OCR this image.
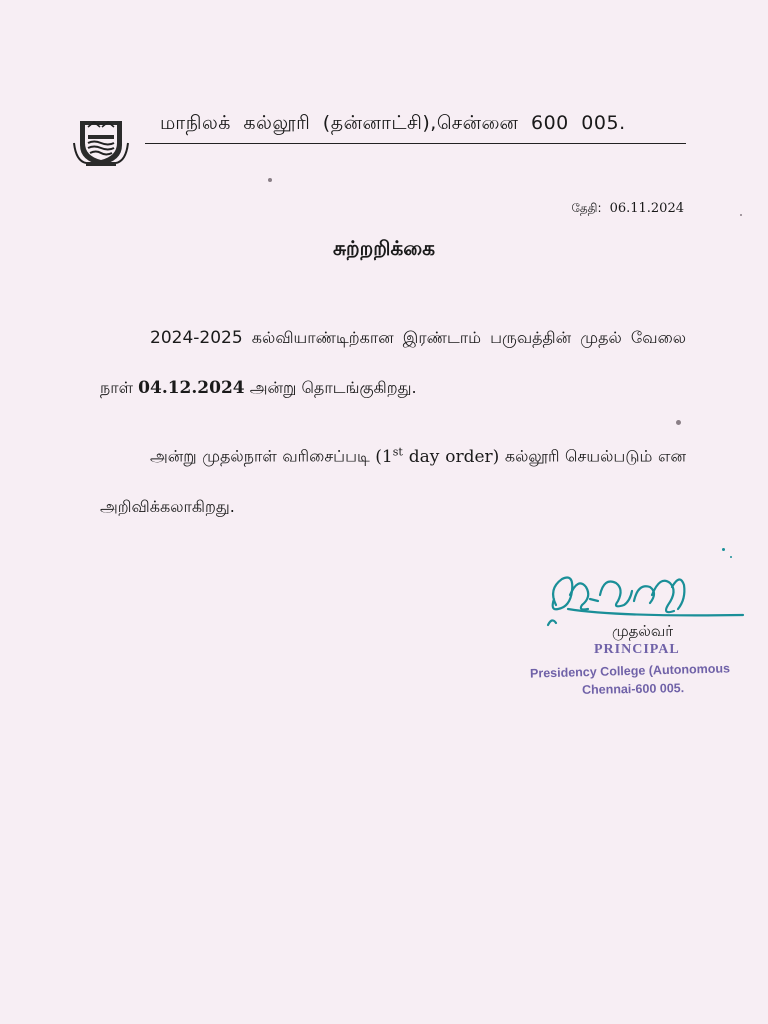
மாநிலக் கல்லூரி (தன்னாட்சி),சென்னை 600 005.
தேதி: 06.11.2024
சுற்றறிக்கை
2024-2025 கல்வியாண்டிற்கான இரண்டாம் பருவத்தின் முதல் வேலை நாள் 04.12.2024 அன்று தொடங்குகிறது.
அன்று முதல்நாள் வரிசைப்படி (1st day order) கல்லூரி செயல்படும் என அறிவிக்கலாகிறது.
முதல்வர்
PRINCIPAL
Presidency College (Autonomous
Chennai-600 005.
